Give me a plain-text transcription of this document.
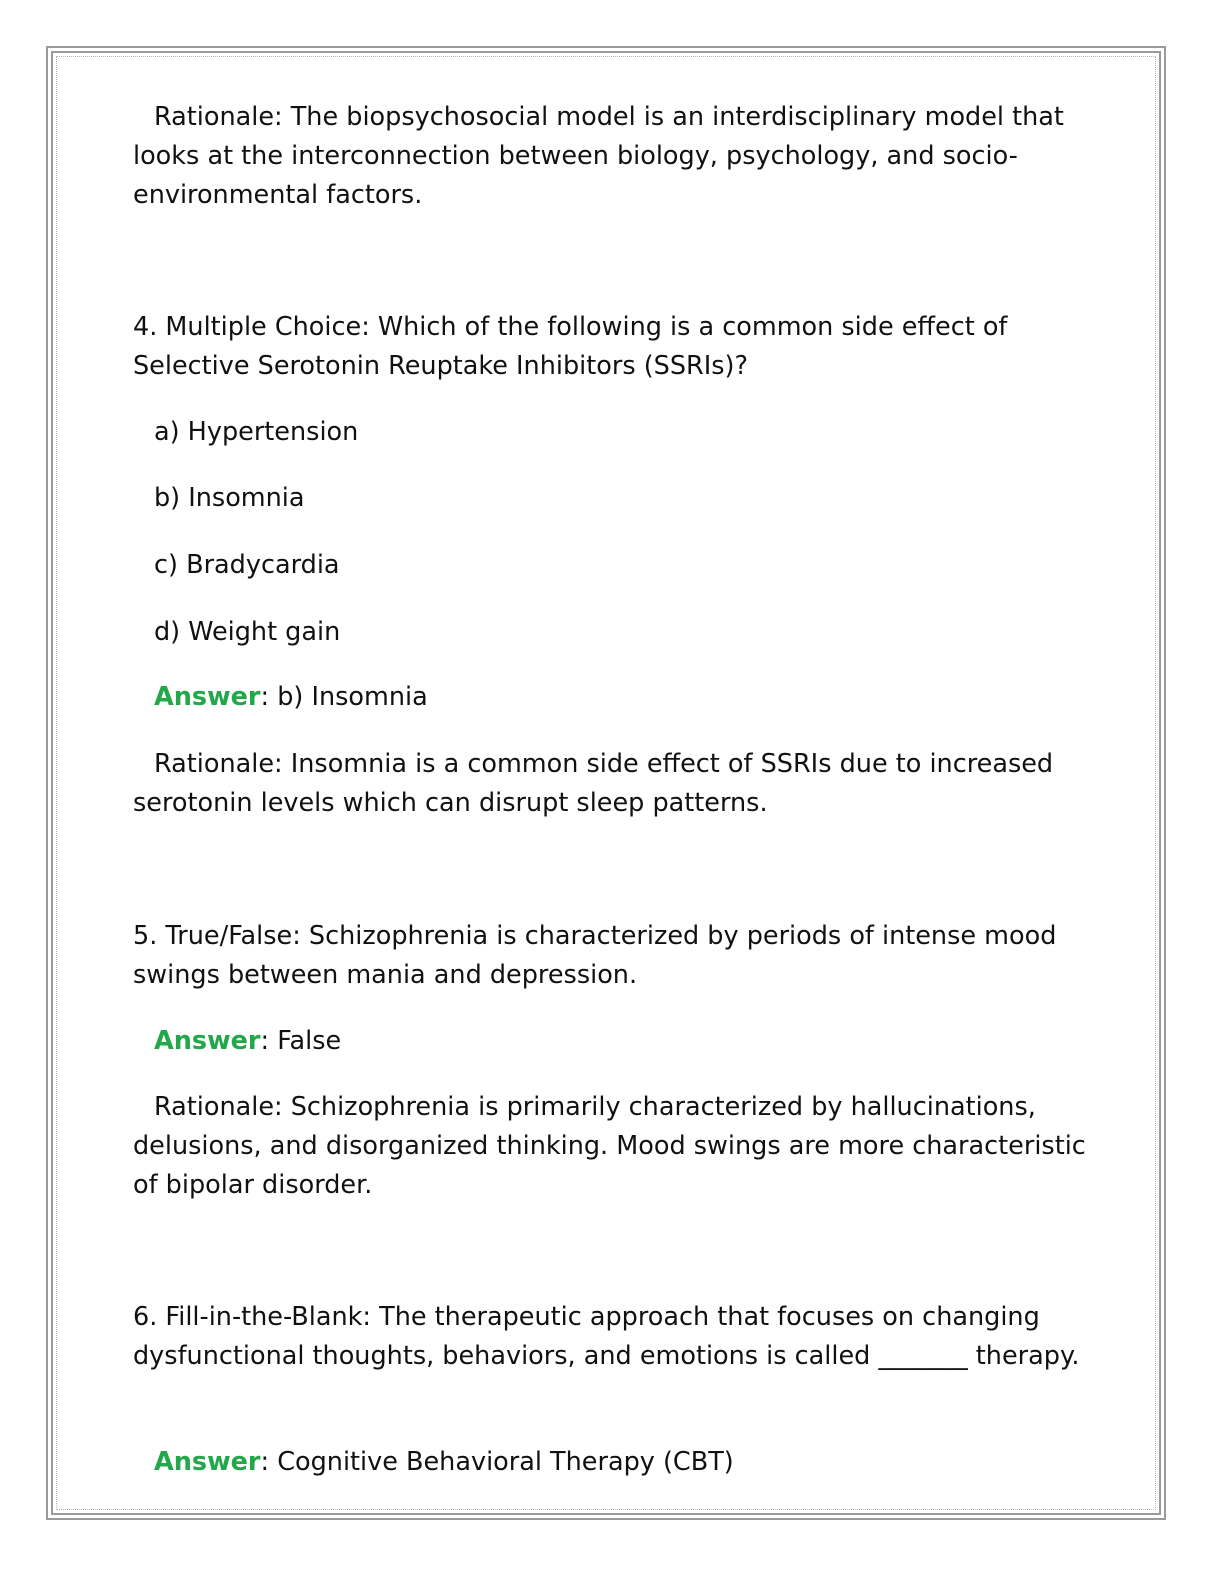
Rationale: The biopsychosocial model is an interdisciplinary model that looks at the interconnection between biology, psychology, and socio-environmental factors.

4. Multiple Choice: Which of the following is a common side effect of Selective Serotonin Reuptake Inhibitors (SSRIs)?

a) Hypertension

b) Insomnia

c) Bradycardia

d) Weight gain

Answer: b) Insomnia

Rationale: Insomnia is a common side effect of SSRIs due to increased serotonin levels which can disrupt sleep patterns.

5. True/False: Schizophrenia is characterized by periods of intense mood swings between mania and depression.

Answer: False

Rationale: Schizophrenia is primarily characterized by hallucinations, delusions, and disorganized thinking. Mood swings are more characteristic of bipolar disorder.

6. Fill-in-the-Blank: The therapeutic approach that focuses on changing dysfunctional thoughts, behaviors, and emotions is called _______ therapy.

Answer: Cognitive Behavioral Therapy (CBT)
